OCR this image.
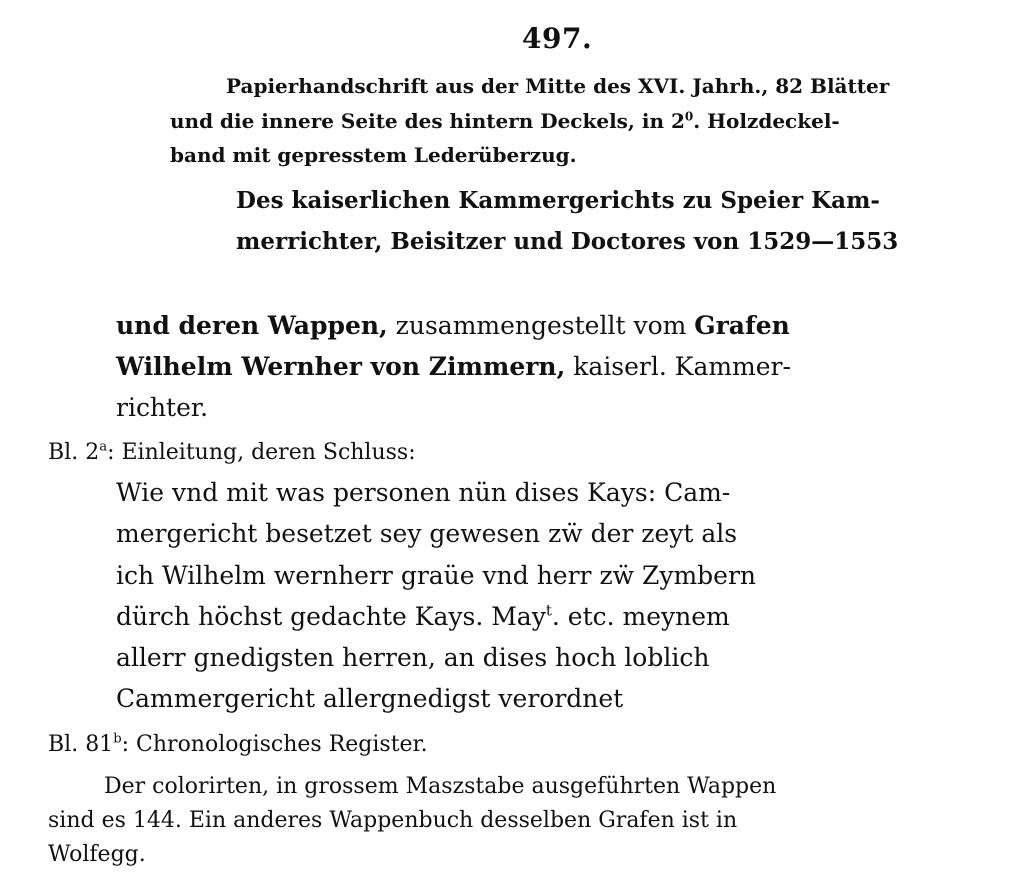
497.
Papierhandschrift aus der Mitte des XVI. Jahrh., 82 Blätter
und die innere Seite des hintern Deckels, in $2^0$. Holzdeckel-
band mit gepresstem Lederüberzug.
Des kaiserlichen Kammergerichts zu Speier Kam-
merrichter, Beisitzer und Doctores von 1529—1553
und deren Wappen, zusammengestellt vom Grafen
Wilhelm Wernher von Zimmern, kaiserl. Kammer-
richter.
Bl. 2$^a$: Einleitung, deren Schluss:
Wie vnd mit was personen nün dises Kays: Cam-
mergericht besetzet sey gewesen zẅ der zeyt als
ich Wilhelm wernherr graüe vnd herr zẅ Zymbern
dürch höchst gedachte Kays. May$^t$. etc. meynem
allerr gnedigsten herren, an dises hoch loblich
Cammergericht allergnedigst verordnet
Bl. 81$^b$: Chronologisches Register.
Der colorirten, in grossem Maszstabe ausgeführten Wappen
sind es 144. Ein anderes Wappenbuch desselben Grafen ist in
Wolfegg.
